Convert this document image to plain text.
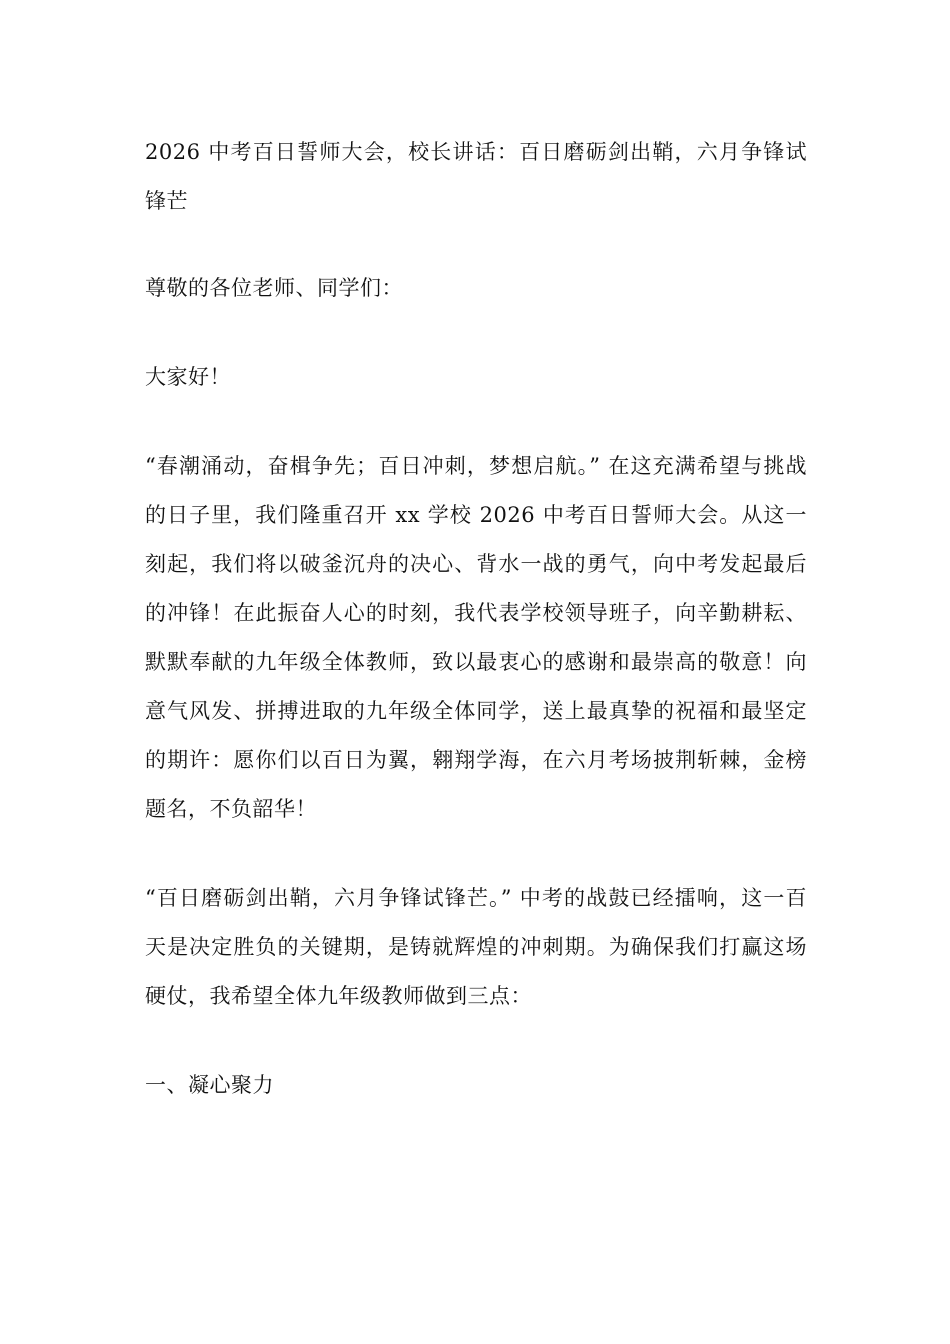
2026 中考百日誓师大会，校长讲话：百日磨砺剑出鞘，六月争锋试锋芒

尊敬的各位老师、同学们：

大家好！

“春潮涌动，奋楫争先；百日冲刺，梦想启航。” 在这充满希望与挑战的日子里，我们隆重召开 xx 学校 2026 中考百日誓师大会。从这一刻起，我们将以破釜沉舟的决心、背水一战的勇气，向中考发起最后的冲锋！在此振奋人心的时刻，我代表学校领导班子，向辛勤耕耘、默默奉献的九年级全体教师，致以最衷心的感谢和最崇高的敬意！向意气风发、拼搏进取的九年级全体同学，送上最真挚的祝福和最坚定的期许：愿你们以百日为翼，翱翔学海，在六月考场披荆斩棘，金榜题名，不负韶华！

“百日磨砺剑出鞘，六月争锋试锋芒。” 中考的战鼓已经擂响，这一百天是决定胜负的关键期，是铸就辉煌的冲刺期。为确保我们打赢这场硬仗，我希望全体九年级教师做到三点：

一、凝心聚力
